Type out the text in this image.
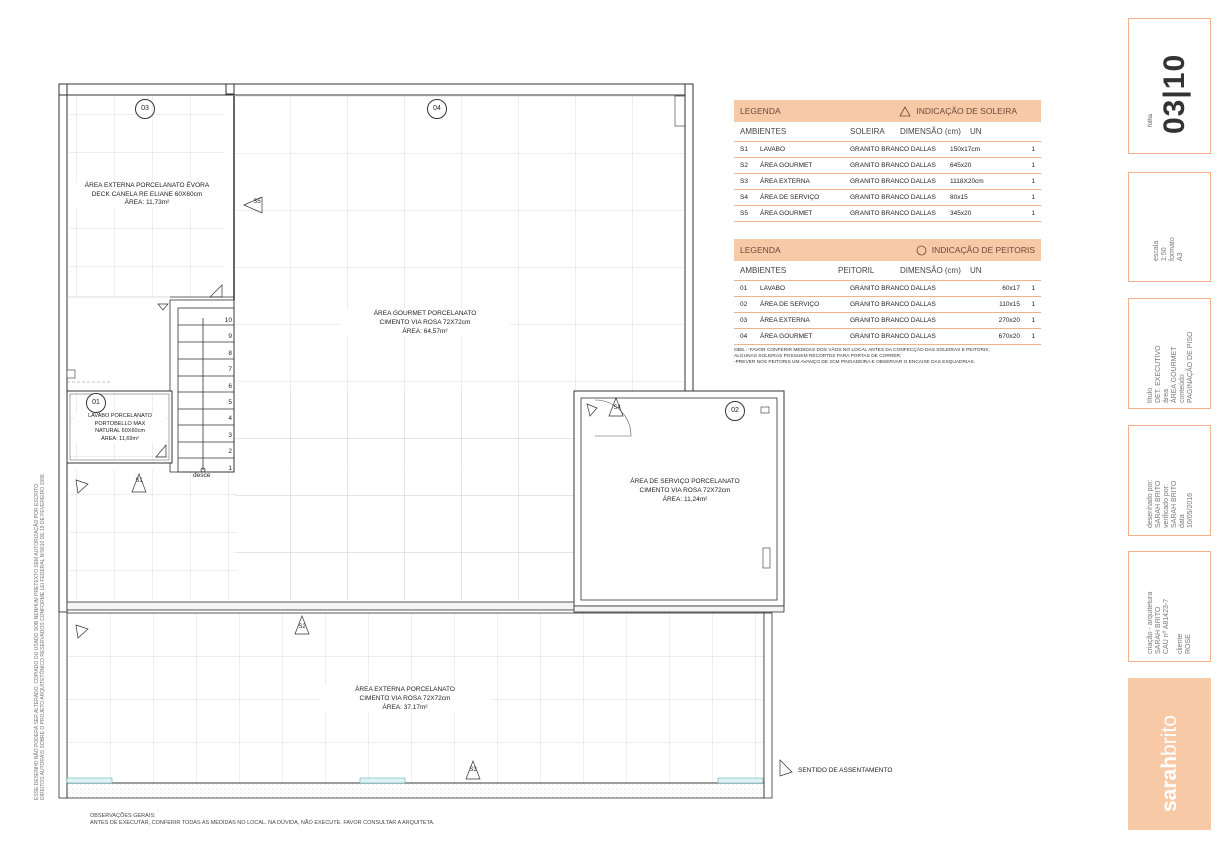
03	04
01
02
ÁREA EXTERNA PORCELANATO ÉVORA
DECK CANELA RE ELIANE 60X60cm
ÁREA: 11,73m²
ÁREA GOURMET PORCELANATO
CIMENTO VIA ROSA 72X72cm
ÁREA: 64,57m²
LAVABO PORCELANATO
PORTOBELLO MAX
NATURAL 60X60cm
ÁREA: 11,69m²
ÁREA DE SERVIÇO PORCELANATO
CIMENTO VIA ROSA 72X72cm
ÁREA: 11,24m²
ÁREA EXTERNA PORCELANATO
CIMENTO VIA ROSA 72X72cm
ÁREA: 37,17m²
S1
S2
S3
S4
S5
10
9
8
7
6
5
4
3
2
1
desce
SENTIDO DE ASSENTAMENTO
OBSERVAÇÕES GERAIS:
ANTES DE EXECUTAR, CONFERIR TODAS AS MEDIDAS NO LOCAL. NA DÚVIDA, NÃO EXECUTE. FAVOR CONSULTAR A ARQUITETA.
ESSE DESENHO NÃO PODERÁ SER ALTERADO, COPIADO OU USADO SOB NENHUM PRETEXTO SEM AUTORIZAÇÃO POR ESCRITO. DIREITOS AUTORAIS SOBRE O PROJETO ARQUITETÔNICO RESERVADOS CONFORME LEI FEDERAL Nº9610 DE 19 DE FEVEREIRO 1998.
LEGENDA	INDICAÇÃO DE SOLEIRA
AMBIENTES	SOLEIRA	DIMENSÃO (cm)	UN
S1	LAVABO	GRANITO BRANCO DALLAS	150x17cm	1
S2	ÁREA GOURMET	GRANITO BRANCO DALLAS	645x20	1
S3	ÁREA EXTERNA	GRANITO BRANCO DALLAS	1118X20cm	1
S4	ÁREA DE SERVIÇO	GRANITO BRANCO DALLAS	80x15	1
S5	ÁREA GOURMET	GRANITO BRANCO DALLAS	345x20	1
LEGENDA	INDICAÇÃO DE PEITORIS
AMBIENTES	PEITORIL	DIMENSÃO (cm)	UN
01	LAVABO	GRANITO BRANCO DALLAS	60x17	1
02	ÁREA DE SERVIÇO	GRANITO BRANCO DALLAS	110x15	1
03	ÁREA EXTERNA	GRANITO BRANCO DALLAS	270x20	1
04	ÁREA GOURMET	GRANITO BRANCO DALLAS	670x20	1
OBS.: -FAVOR CONFERIR MEDIDAS DOS VÃOS NO LOCAL ANTES DA CONFECÇÃO DAS SOLEIRAS E PEITORIS;
ALGUNAS SOLEIRAS POSSUEM RECORTES PARA PORTAS DE CORRER;
-PREVER NOS PEITORIS UM AVANÇO DE 2CM PINGADEIRA E OBSERVAR O ENCAIXE DAS ESQUADRIAS.
folha 03|10
escala 1:50 formato A3
título DET. EXECUTIVO área ÁREA GOURMET conteúdo PAGINAÇÃO DE PISO
desenhado por: SARAH BRITO verificado por: SARAH BRITO data 10/05/2016
criação - arquitetura SARAH BRITO CAU nº A81423-7 cliente ROSE
sarahbrito
